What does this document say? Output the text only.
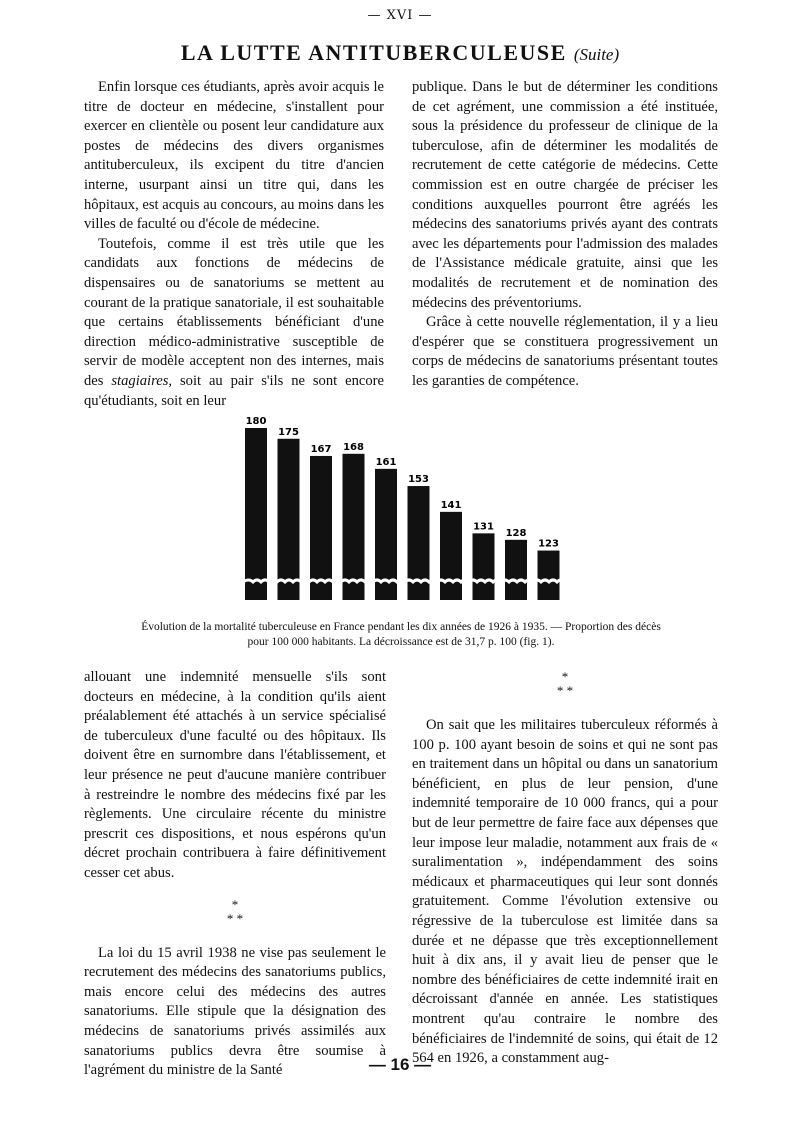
— XVI —
LA LUTTE ANTITUBERCULEUSE (Suite)

Enfin lorsque ces étudiants, après avoir acquis le titre de docteur en médecine, s'installent pour exercer en clientèle ou posent leur candidature aux postes de médecins des divers organismes antituberculeux, ils excipent du titre d'ancien interne, usurpant ainsi un titre qui, dans les hôpitaux, est acquis au concours, au moins dans les villes de faculté ou d'école de médecine.

Toutefois, comme il est très utile que les candidats aux fonctions de médecins de dispensaires ou de sanatoriums se mettent au courant de la pratique sanatoriale, il est souhaitable que certains établissements bénéficiant d'une direction médico-administrative susceptible de servir de modèle acceptent non des internes, mais des stagiaires, soit au pair s'ils ne sont encore qu'étudiants, soit en leur

publique. Dans le but de déterminer les conditions de cet agrément, une commission a été instituée, sous la présidence du professeur de clinique de la tuberculose, afin de déterminer les modalités de recrutement de cette catégorie de médecins. Cette commission est en outre chargée de préciser les conditions auxquelles pourront être agréés les médecins des sanatoriums privés ayant des contrats avec les départements pour l'admission des malades de l'Assistance médicale gratuite, ainsi que les modalités de recrutement et de nomination des médecins des préventoriums.

Grâce à cette nouvelle réglementation, il y a lieu d'espérer que se constituera progressivement un corps de médecins de sanatoriums présentant toutes les garanties de compétence.

180
175
167 168
161
153
141
131
128
123
Évolution de la mortalité tuberculeuse en France pendant les dix années de 1926 à 1935. — Proportion des décès
pour 100 000 habitants. La décroissance est de 31,7 p. 100 (fig. 1).

allouant une indemnité mensuelle s'ils sont docteurs en médecine, à la condition qu'ils aient préalablement été attachés à un service spécialisé de tuberculeux d'une faculté ou des hôpitaux. Ils doivent être en surnombre dans l'établissement, et leur présence ne peut d'aucune manière contribuer à restreindre le nombre des médecins fixé par les règlements. Une circulaire récente du ministre prescrit ces dispositions, et nous espérons qu'un décret prochain contribuera à faire définitivement cesser cet abus.

*
* *

La loi du 15 avril 1938 ne vise pas seulement le recrutement des médecins des sanatoriums publics, mais encore celui des médecins des autres sanatoriums. Elle stipule que la désignation des médecins de sanatoriums privés assimilés aux sanatoriums publics devra être soumise à l'agrément du ministre de la Santé

*
* *

On sait que les militaires tuberculeux réformés à 100 p. 100 ayant besoin de soins et qui ne sont pas en traitement dans un hôpital ou dans un sanatorium bénéficient, en plus de leur pension, d'une indemnité temporaire de 10 000 francs, qui a pour but de leur permettre de faire face aux dépenses que leur impose leur maladie, notamment aux frais de « suralimentation », indépendamment des soins médicaux et pharmaceutiques qui leur sont donnés gratuitement. Comme l'évolution extensive ou régressive de la tuberculose est limitée dans sa durée et ne dépasse que très exceptionnellement huit à dix ans, il y avait lieu de penser que le nombre des bénéficiaires de cette indemnité irait en décroissant d'année en année. Les statistiques montrent qu'au contraire le nombre des bénéficiaires de l'indemnité de soins, qui était de 12 564 en 1926, a constamment aug-

— 16 —
